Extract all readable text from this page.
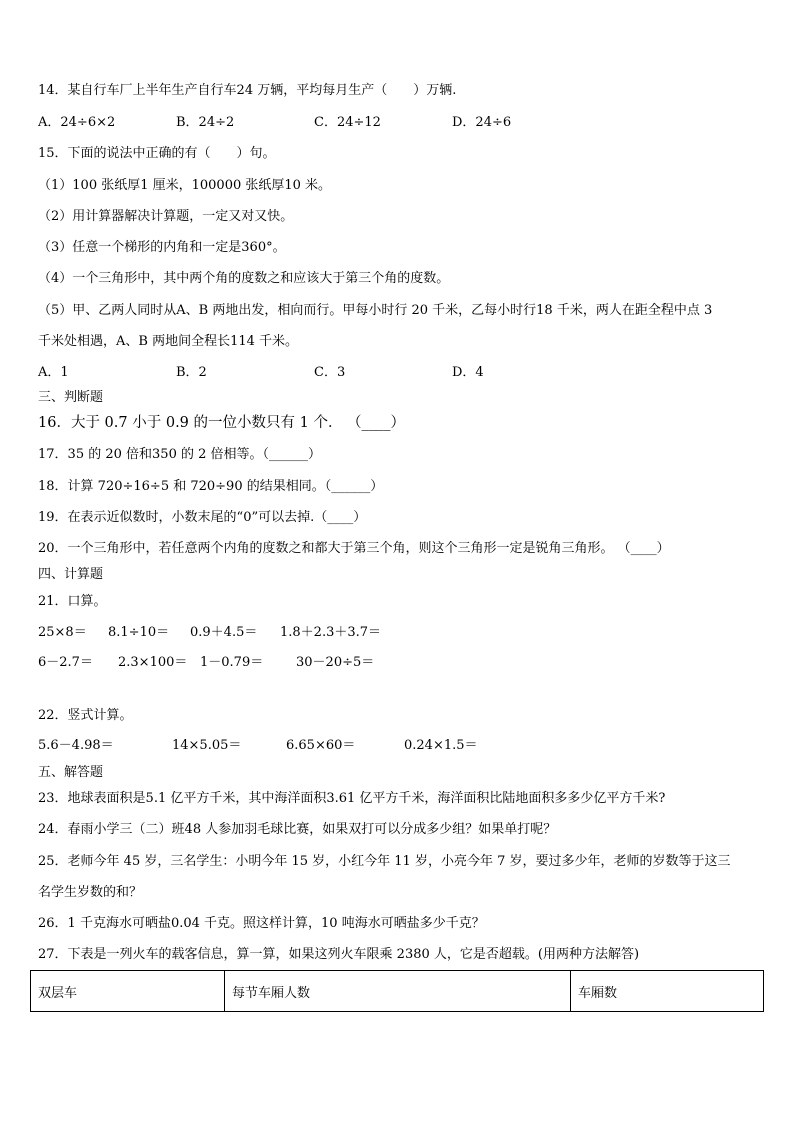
14．某自行车厂上半年生产自行车24 万辆，平均每月生产（　　）万辆.
A．24÷6×2	B．24÷2	C．24÷12	D．24÷6
15．下面的说法中正确的有（　　）句。
（1）100 张纸厚1 厘米，100000 张纸厚10 米。
（2）用计算器解决计算题，一定又对又快。
（3）任意一个梯形的内角和一定是360°。
（4）一个三角形中，其中两个角的度数之和应该大于第三个角的度数。
（5）甲、乙两人同时从A、B 两地出发，相向而行。甲每小时行 20 千米，乙每小时行18 千米，两人在距全程中点 3
千米处相遇，A、B 两地间全程长114 千米。
A．1	B．2	C．3	D．4
三、判断题
16．大于 0.7 小于 0.9 的一位小数只有 1 个． （____）
17．35 的 20 倍和350 的 2 倍相等。（______）
18．计算 720÷16÷5 和 720÷90 的结果相同。（______）
19．在表示近似数时，小数末尾的“0”可以去掉.（____）
20．一个三角形中，若任意两个内角的度数之和都大于第三个角，则这个三角形一定是锐角三角形。 （____）
四、计算题
21．口算。
25×8＝ 8.1÷10＝ 0.9＋4.5＝ 1.8＋2.3＋3.7＝
6－2.7＝ 2.3×100＝ 1－0.79＝	30－20÷5＝
22．竖式计算。
5.6－4.98＝	14×5.05＝	6.65×60＝	0.24×1.5＝
五、解答题
23．地球表面积是5.1 亿平方千米，其中海洋面积3.61 亿平方千米，海洋面积比陆地面积多多少亿平方千米?
24．春雨小学三（二）班48 人参加羽毛球比赛，如果双打可以分成多少组？如果单打呢？
25．老师今年 45 岁，三名学生：小明今年 15 岁，小红今年 11 岁，小亮今年 7 岁，要过多少年，老师的岁数等于这三
名学生岁数的和？
26．1 千克海水可晒盐0.04 千克。照这样计算，10 吨海水可晒盐多少千克？
27．下表是一列火车的载客信息，算一算，如果这列火车限乘 2380 人，它是否超载。(用两种方法解答)
双层车	每节车厢人数	车厢数
